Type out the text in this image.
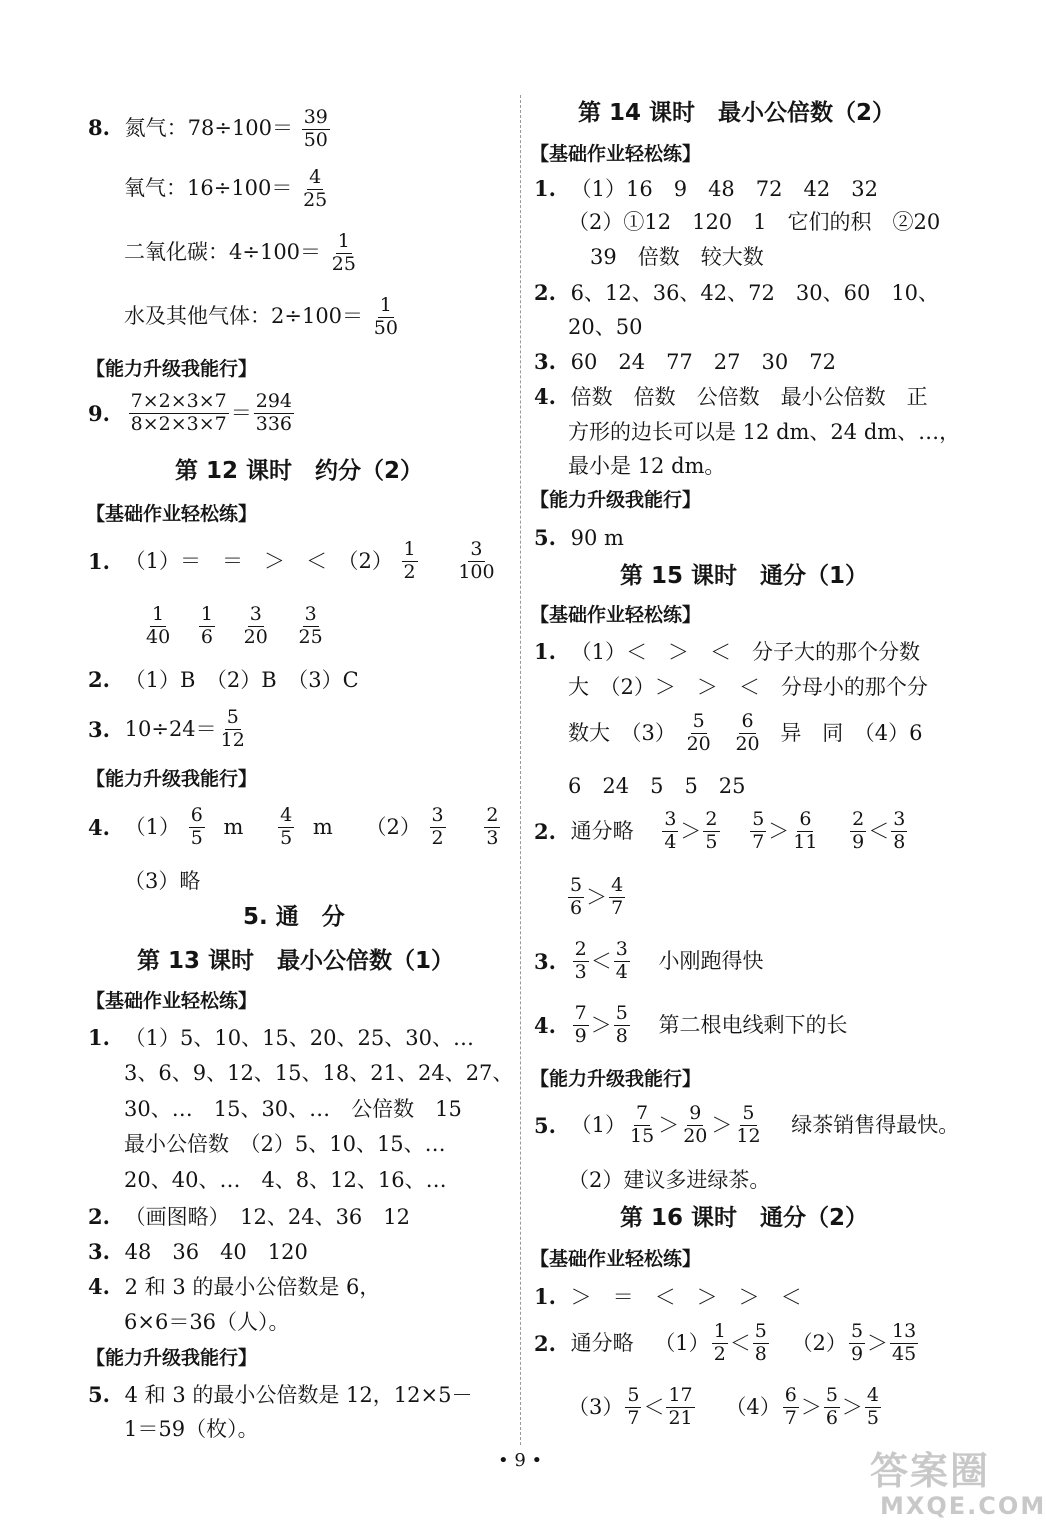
8. 氮气：$78\div 100= \frac{39}{50}$
氧气：$16\div 100= \frac{4}{25}$
二氧化碳：$4\div 100= \frac{1}{25}$
水及其他气体：$2\div 100= \frac{1}{50}$
【能力升级我能行】
9. $\frac{7\times 2\times 3\times 7}{8\times 2\times 3\times 7} = \frac{294}{336}$
第 12 课时　约分（2）
【基础作业轻松练】
1. （1）＝　＝　＞　＜　$(2) \frac{1}{2}$
$\frac{3}{100}$
$\frac{1}{40}$
$\frac{1}{6}$
$\frac{3}{20}$
$\frac{3}{25}$
2. （1）B　（2）B　（3）C
3. $10\div 24= \frac{5}{12}$
【能力升级我能行】
4. $(1) \frac{6}{5}$ m $\frac{4}{5}$ m $(2) \frac{3}{2}$
$\frac{2}{3}$
（3）略
5. 通　分
第 13 课时　最小公倍数（1）
【基础作业轻松练】
1. （1）5、10、15、20、25、30、…
3、6、9、12、15、18、21、24、27、
30、…　15、30、…　公倍数　15
最小公倍数　（2）5、10、15、…
20、40、…　4、8、12、16、…
2. （画图略）　12、24、36　12
3. 48　36　40　120
4. 2 和 3 的最小公倍数是 6，
6×6＝36（人）。
【能力升级我能行】
5. 4 和 3 的最小公倍数是 12，12×5－
1＝59（枚）。
第 14 课时　最小公倍数（2）
【基础作业轻松练】
1. （1）16　9　48　72　42　32
（2）①12　120　1　它们的积　②20
39　倍数　较大数
2. 6、12、36、42、72　30、60　10、
20、50
3. 60　24　77　27　30　72
4. 倍数　倍数　公倍数　最小公倍数　正
方形的边长可以是 12 dm、24 dm、…，
最小是 12 dm。
【能力升级我能行】
5. 90 m
第 15 课时　通分（1）
【基础作业轻松练】
1. （1）＜　＞　＜　分子大的那个分数
大　（2）＞　＞　＜　分母小的那个分
数大　$(3) \frac{5}{20}$
$\frac{6}{20}$ 异　同　（4）6
6　24　5　5　25
2. 通分略 $\frac{3}{4} > \frac{2}{5}$
$\frac{5}{7} > \frac{6}{11}$
$\frac{2}{9} < \frac{3}{8}$
$\frac{5}{6} > \frac{4}{7}$
3. $\frac{2}{3} < \frac{3}{4}$ 小刚跑得快
4. $\frac{7}{9} > \frac{5}{8}$ 第二根电线剩下的长
【能力升级我能行】
5. $(1) \frac{7}{15} > \frac{9}{20} > \frac{5}{12}$ 绿茶销售得最快。
（2）建议多进绿茶。
第 16 课时　通分（2）
【基础作业轻松练】
1. ＞　＝　＜　＞　＞　＜
2. 通分略 $(1) \frac{1}{2} < \frac{5}{8} (2) \frac{5}{9} > \frac{13}{45}$
$(3) \frac{5}{7} < \frac{17}{21} (4) \frac{6}{7} > \frac{5}{6} > \frac{4}{5}$
• 9 •	答案圈
MXQE.COM
